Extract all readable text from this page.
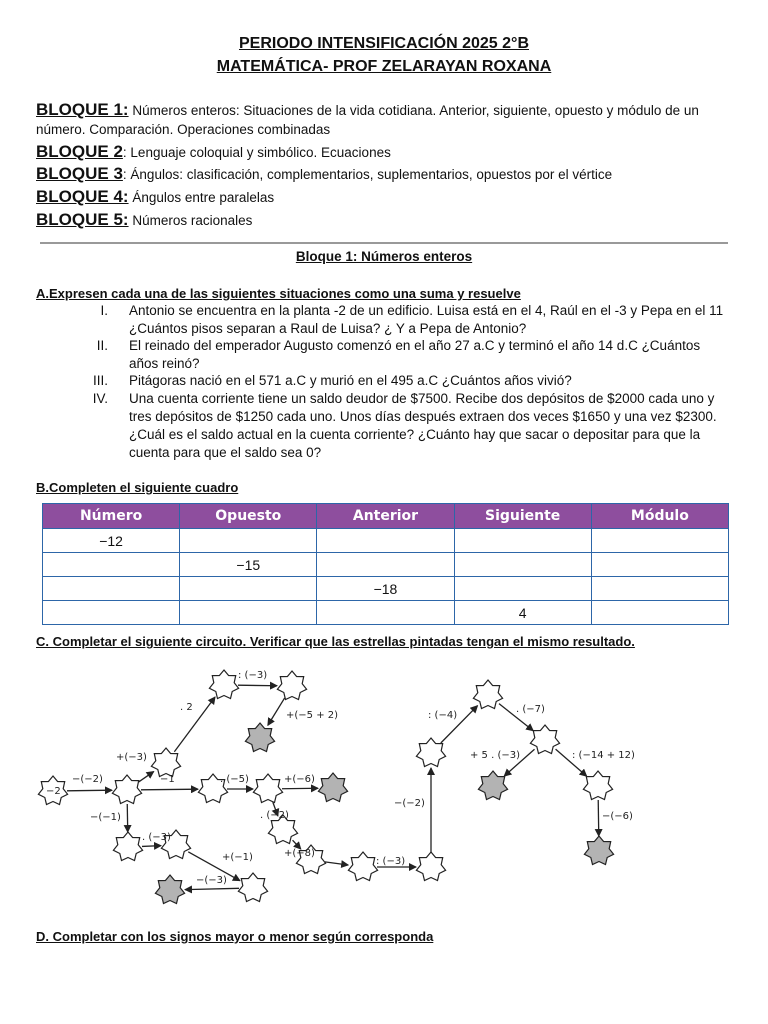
PERIODO INTENSIFICACIÓN 2025 2°B
MATEMÁTICA- PROF ZELARAYAN ROXANA
BLOQUE 1: Números enteros: Situaciones de la vida cotidiana. Anterior, siguiente, opuesto y módulo de un número. Comparación. Operaciones combinadas
BLOQUE 2: Lenguaje coloquial y simbólico. Ecuaciones
BLOQUE 3: Ángulos: clasificación, complementarios, suplementarios, opuestos por el vértice
BLOQUE 4: Ángulos entre paralelas
BLOQUE 5: Números racionales
Bloque 1: Números enteros
A.Expresen cada una de las siguientes situaciones como una suma y resuelve
I. Antonio se encuentra en la planta -2 de un edificio. Luisa está en el 4, Raúl en el -3 y Pepa en el 11 ¿Cuántos pisos separan a Raul de Luisa? ¿ Y a Pepa de Antonio?
II. El reinado del emperador Augusto comenzó en el año 27 a.C y terminó el año 14 d.C ¿Cuántos años reinó?
III. Pitágoras nació en el 571 a.C y murió en el 495 a.C ¿Cuántos años vivió?
IV. Una cuenta corriente tiene un saldo deudor de $7500. Recibe dos depósitos de $2000 cada uno y tres depósitos de $1250 cada uno. Unos días después extraen dos veces $1650 y una vez $2300. ¿Cuál es el saldo actual en la cuenta corriente? ¿Cuánto hay que sacar o depositar para que la cuenta para que el saldo sea 0?
B.Completen el siguiente cuadro
Número	Opuesto	Anterior	Siguiente	Módulo
−12				
	−15			
		−18		
			4	
C. Completar el siguiente circuito. Verificar que las estrellas pintadas tengan el mismo resultado.
−2
−(−2)
+(−3)
. 2
: (−3)
+(−5 + 2)
−1	. (−5)	+(−6)
−(−1)
. (−3)
+(−1)
−(−3)
. (−2)
+(−8)
: (−3)
−(−2)
: (−4)
. (−7)
+ 5 . (−3)	: (−14 + 12)
−(−6)
D. Completar con los signos mayor o menor según corresponda
